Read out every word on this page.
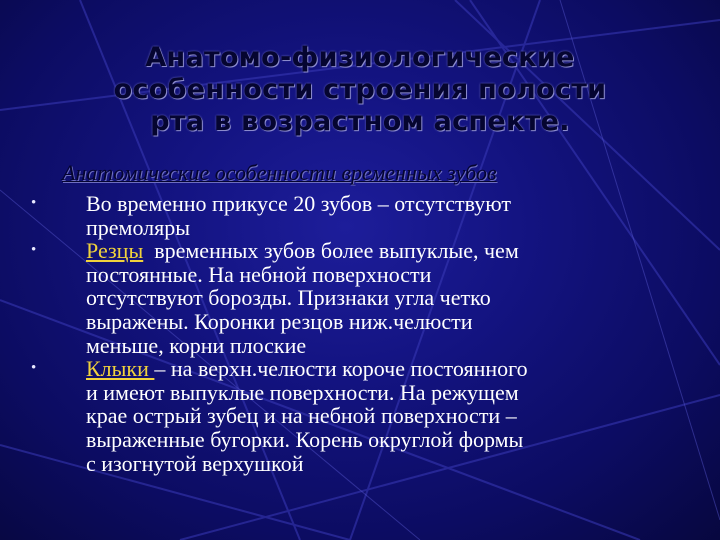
Анатомо-физиологические
особенности строения полости
рта в возрастном аспекте.
Анатомические особенности временных зубов
• Во временно прикусе 20 зубов – отсутствуют
премоляры
• Резцы  временных зубов более выпуклые, чем
постоянные. На небной поверхности
отсутствуют борозды. Признаки угла четко
выражены. Коронки резцов ниж.челюсти
меньше, корни плоские
• Клыки – на верхн.челюсти короче постоянного
и имеют выпуклые поверхности. На режущем
крае острый зубец и на небной поверхности –
выраженные бугорки. Корень округлой формы
с изогнутой верхушкой
